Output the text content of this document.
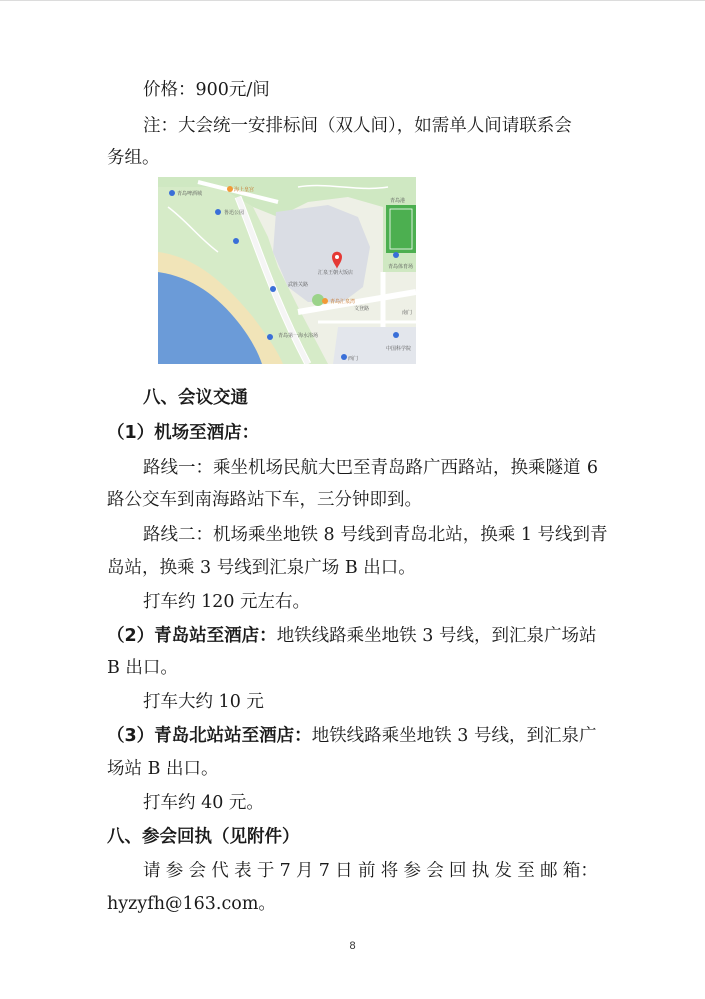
价格：900元/间
注：大会统一安排标间（双人间），如需单人间请联系会
务组。
青岛啤酒城
海上皇宫
鲁迅公园
汇泉王朝大饭店
青岛汇泉湾
青岛第一海水浴场
青岛体育场
文登路
武胜关路
中国科学院
西门
南门
青岛港
八、会议交通
（1）机场至酒店：
路线一：乘坐机场民航大巴至青岛路广西路站，换乘隧道 6
路公交车到南海路站下车，三分钟即到。
路线二：机场乘坐地铁 8 号线到青岛北站，换乘 1 号线到青
岛站，换乘 3 号线到汇泉广场 B 出口。
打车约 120 元左右。
（2）青岛站至酒店：地铁线路乘坐地铁 3 号线，到汇泉广场站
B 出口。
打车大约 10 元
（3）青岛北站站至酒店：地铁线路乘坐地铁 3 号线，到汇泉广
场站 B 出口。
打车约 40 元。
八、参会回执（见附件）
请 参 会 代 表 于 7 月 7 日 前 将 参 会 回 执 发 至 邮 箱：
hyzyfh@163.com。
8
